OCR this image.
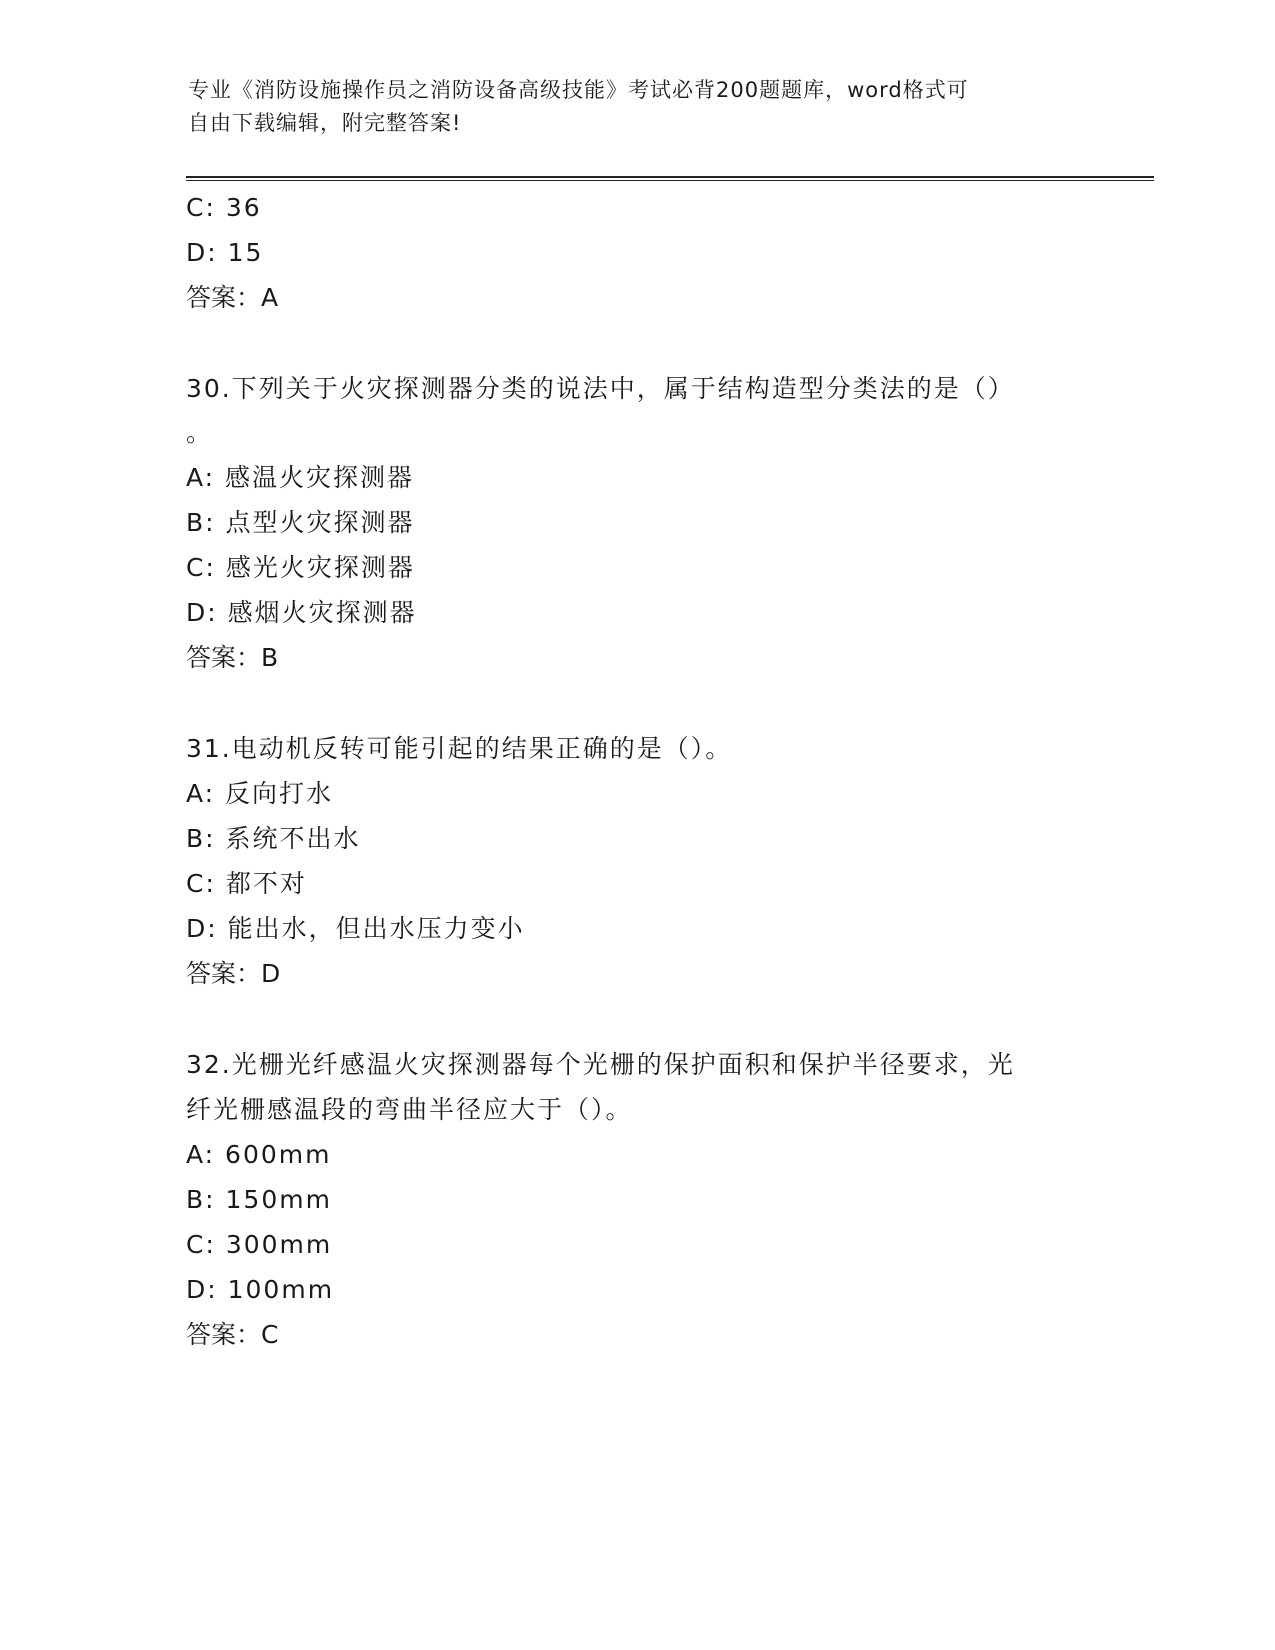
专业《消防设施操作员之消防设备高级技能》考试必背200题题库，word格式可
自由下载编辑，附完整答案!
C: 36
D: 15
答案：A
30.下列关于火灾探测器分类的说法中，属于结构造型分类法的是（）
。
A: 感温火灾探测器
B: 点型火灾探测器
C: 感光火灾探测器
D: 感烟火灾探测器
答案：B
31.电动机反转可能引起的结果正确的是（）。
A: 反向打水
B: 系统不出水
C: 都不对
D: 能出水，但出水压力变小
答案：D
32.光栅光纤感温火灾探测器每个光栅的保护面积和保护半径要求，光
纤光栅感温段的弯曲半径应大于（）。
A: 600mm
B: 150mm
C: 300mm
D: 100mm
答案：C
